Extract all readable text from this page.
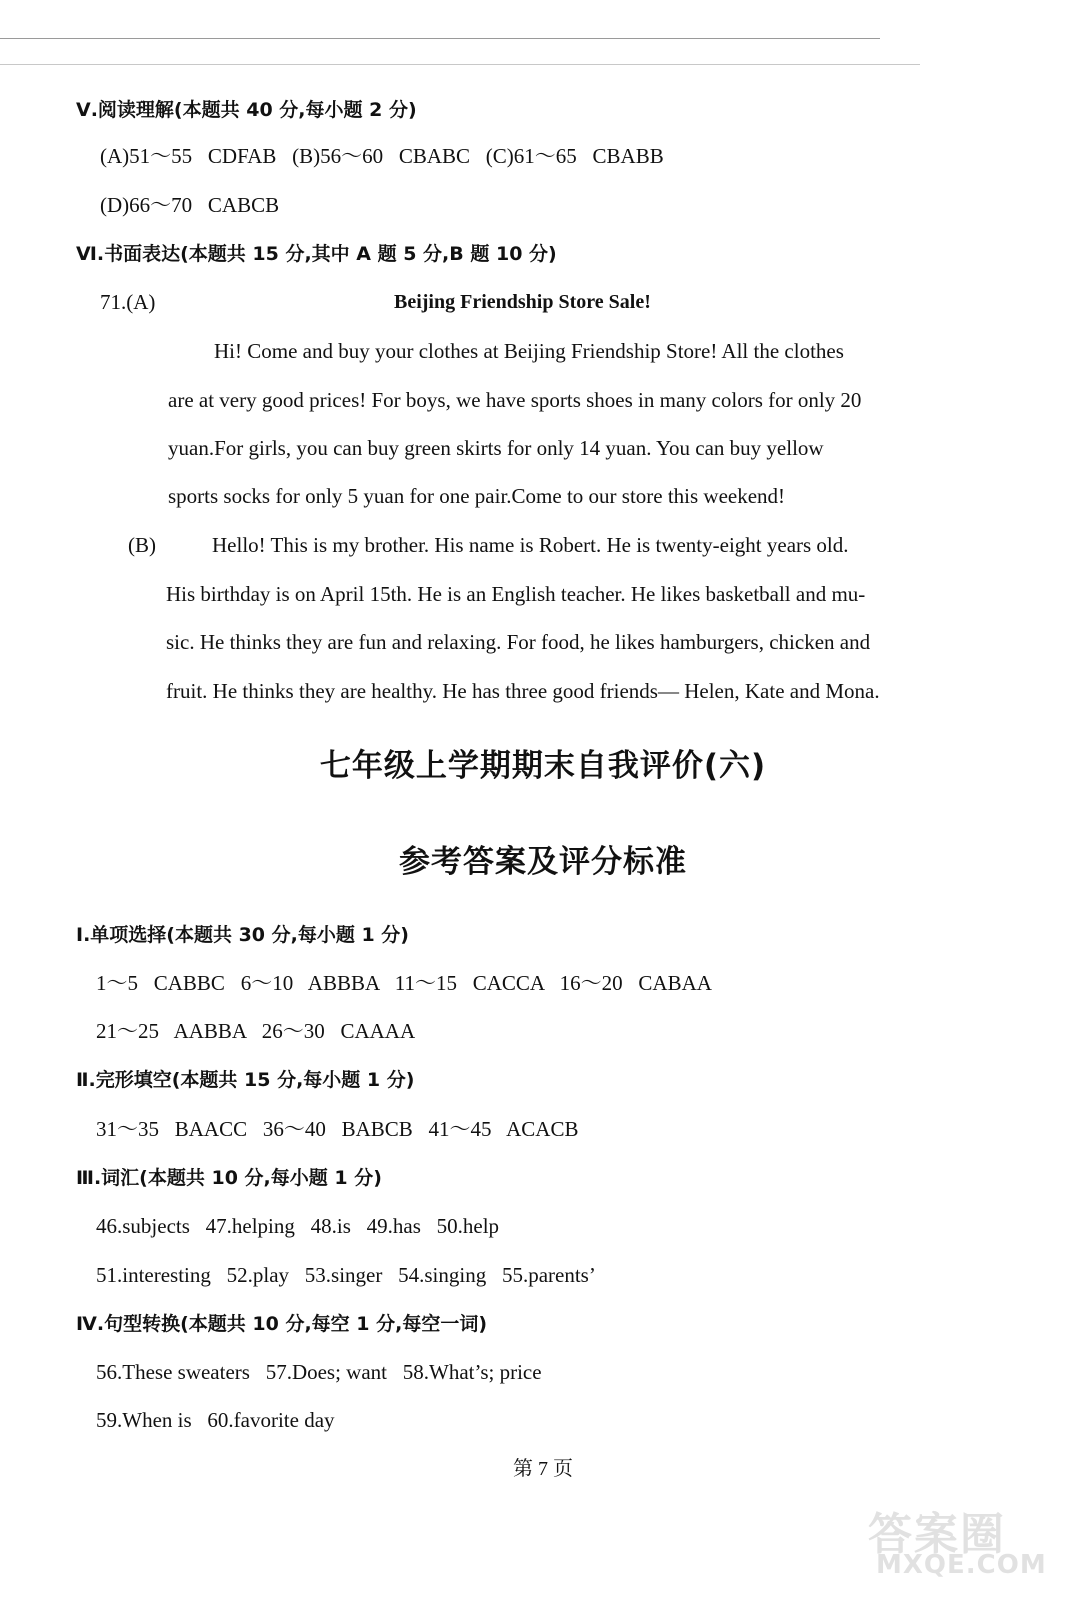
Ⅴ.阅读理解(本题共 40 分,每小题 2 分)
(A)51～55   CDFAB   (B)56～60   CBABC   (C)61～65   CBABB
(D)66～70   CABCB
Ⅵ.书面表达(本题共 15 分,其中 A 题 5 分,B 题 10 分)
71.(A)	Beijing Friendship Store Sale!
Hi! Come and buy your clothes at Beijing Friendship Store! All the clothes
are at very good prices! For boys, we have sports shoes in many colors for only 20
yuan.For girls, you can buy green skirts for only 14 yuan. You can buy yellow
sports socks for only 5 yuan for one pair.Come to our store this weekend!
(B)	Hello! This is my brother. His name is Robert. He is twenty-eight years old.
His birthday is on April 15th. He is an English teacher. He likes basketball and mu-
sic. He thinks they are fun and relaxing. For food, he likes hamburgers, chicken and
fruit. He thinks they are healthy. He has three good friends— Helen, Kate and Mona.
七年级上学期期末自我评价(六)
参考答案及评分标准
Ⅰ.单项选择(本题共 30 分,每小题 1 分)
1～5   CABBC   6～10   ABBBA   11～15   CACCA   16～20   CABAA
21～25   AABBA   26～30   CAAAA
Ⅱ.完形填空(本题共 15 分,每小题 1 分)
31～35   BAACC   36～40   BABCB   41～45   ACACB
Ⅲ.词汇(本题共 10 分,每小题 1 分)
46.subjects   47.helping   48.is   49.has   50.help
51.interesting   52.play   53.singer   54.singing   55.parents’
Ⅳ.句型转换(本题共 10 分,每空 1 分,每空一词)
56.These sweaters   57.Does; want   58.What’s; price
59.When is   60.favorite day
第 7 页
答案圈
MXQE.COM
